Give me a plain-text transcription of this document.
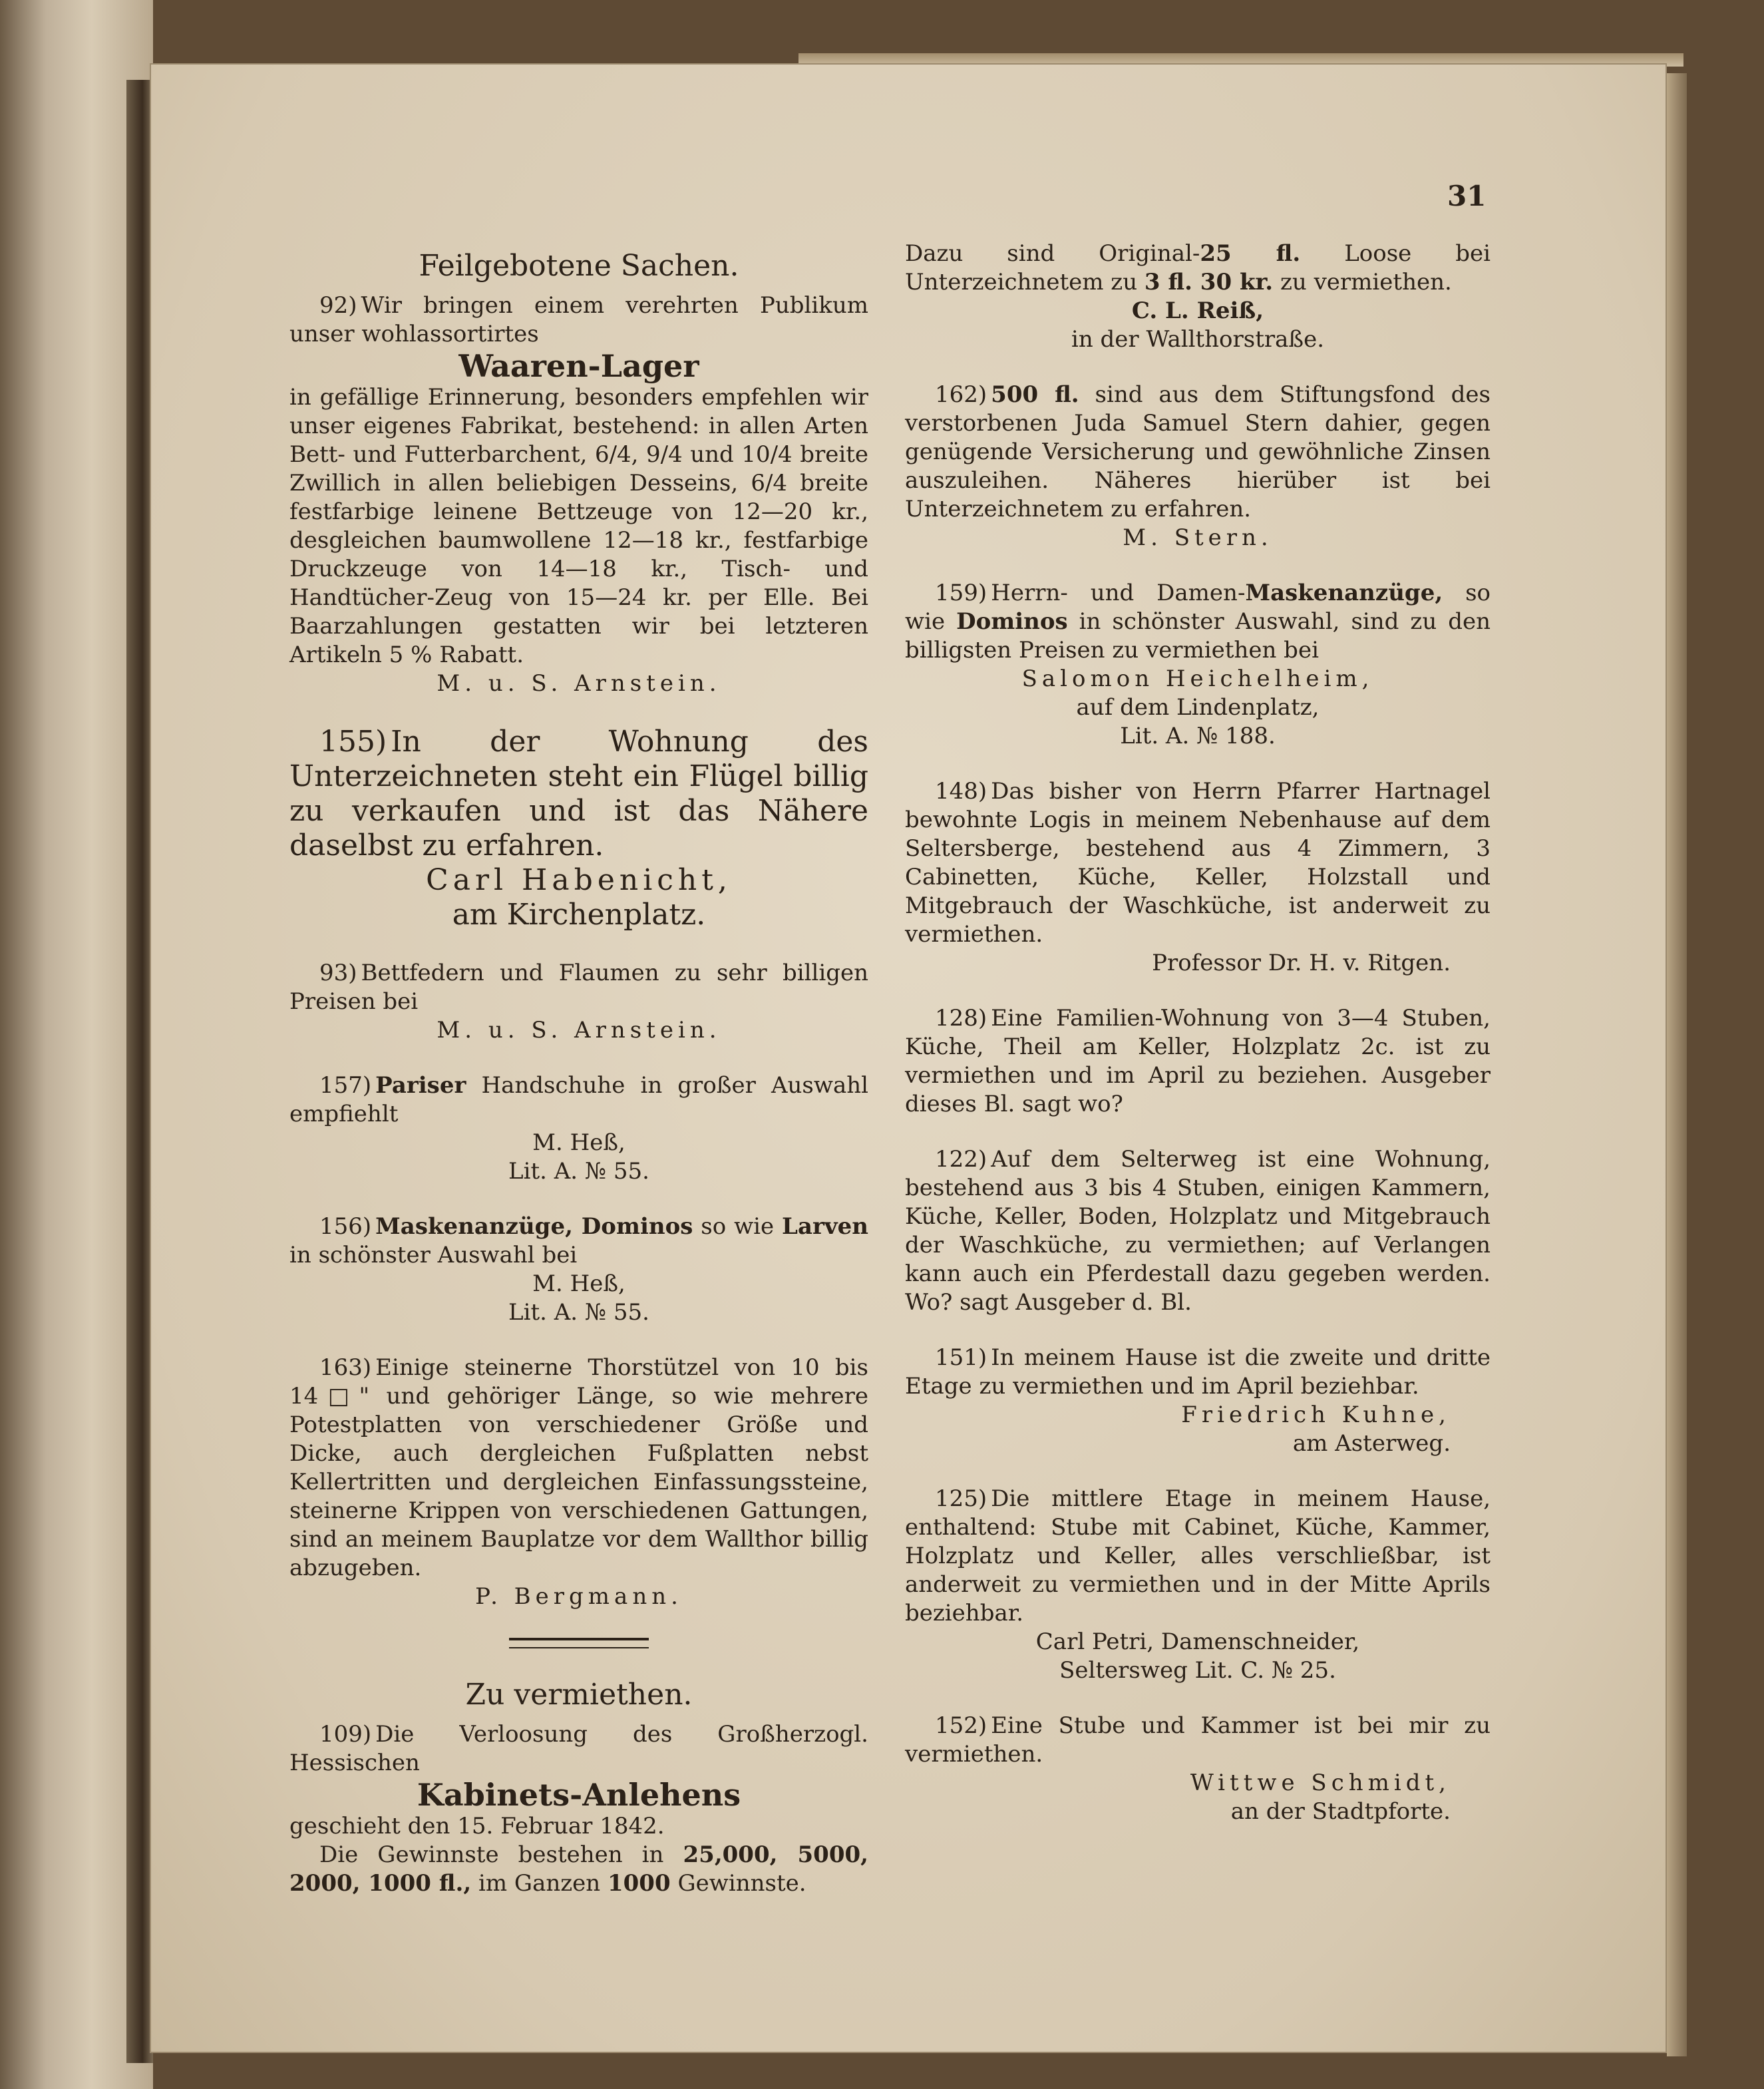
31
Feilgebotene Sachen.

92) Wir bringen einem verehrten Publikum unser wohlassortirtes

Waaren-Lager

in gefällige Erinnerung, besonders empfehlen wir unser eigenes Fabrikat, bestehend: in allen Arten Bett- und Futterbarchent, 6/4, 9/4 und 10/4 breite Zwillich in allen beliebigen Desseins, 6/4 breite festfarbige leinene Bettzeuge von 12—20 kr., desgleichen baumwollene 12—18 kr., festfarbige Druckzeuge von 14—18 kr., Tisch- und Handtücher-Zeug von 15—24 kr. per Elle. Bei Baarzahlungen gestatten wir bei letzteren Artikeln 5 % Rabatt.

M. u. S. Arnstein.

155) In der Wohnung des Unterzeichneten steht ein Flügel billig zu verkaufen und ist das Nähere daselbst zu erfahren.

Carl Habenicht,

am Kirchenplatz.

93) Bettfedern und Flaumen zu sehr billigen Preisen bei

M. u. S. Arnstein.

157) Pariser Handschuhe in großer Auswahl empfiehlt

M. Heß,

Lit. A. № 55.

156) Maskenanzüge, Dominos so wie Larven in schönster Auswahl bei

M. Heß,

Lit. A. № 55.

163) Einige steinerne Thorstützel von 10 bis 14□" und gehöriger Länge, so wie mehrere Potestplatten von verschiedener Größe und Dicke, auch dergleichen Fußplatten nebst Kellertritten und dergleichen Einfassungssteine, steinerne Krippen von verschiedenen Gattungen, sind an meinem Bauplatze vor dem Wallthor billig abzugeben.

P. Bergmann.

Zu vermiethen.

109) Die Verloosung des Großherzogl. Hessischen

Kabinets-Anlehens

geschieht den 15. Februar 1842.

Die Gewinnste bestehen in 25,000, 5000, 2000, 1000 fl., im Ganzen 1000 Gewinnste.

Dazu sind Original-25 fl. Loose bei Unterzeichnetem zu 3 fl. 30 kr. zu vermiethen.

C. L. Reiß,

in der Wallthorstraße.

162) 500 fl. sind aus dem Stiftungsfond des verstorbenen Juda Samuel Stern dahier, gegen genügende Versicherung und gewöhnliche Zinsen auszuleihen. Näheres hierüber ist bei Unterzeichnetem zu erfahren.

M. Stern.

159) Herrn- und Damen-Maskenanzüge, so wie Dominos in schönster Auswahl, sind zu den billigsten Preisen zu vermiethen bei

Salomon Heichelheim,

auf dem Lindenplatz,

Lit. A. № 188.

148) Das bisher von Herrn Pfarrer Hartnagel bewohnte Logis in meinem Nebenhause auf dem Seltersberge, bestehend aus 4 Zimmern, 3 Cabinetten, Küche, Keller, Holzstall und Mitgebrauch der Waschküche, ist anderweit zu vermiethen.

Professor Dr. H. v. Ritgen.

128) Eine Familien-Wohnung von 3—4 Stuben, Küche, Theil am Keller, Holzplatz 2c. ist zu vermiethen und im April zu beziehen. Ausgeber dieses Bl. sagt wo?

122) Auf dem Selterweg ist eine Wohnung, bestehend aus 3 bis 4 Stuben, einigen Kammern, Küche, Keller, Boden, Holzplatz und Mitgebrauch der Waschküche, zu vermiethen; auf Verlangen kann auch ein Pferdestall dazu gegeben werden. Wo? sagt Ausgeber d. Bl.

151) In meinem Hause ist die zweite und dritte Etage zu vermiethen und im April beziehbar.

Friedrich Kuhne,

am Asterweg.

125) Die mittlere Etage in meinem Hause, enthaltend: Stube mit Cabinet, Küche, Kammer, Holzplatz und Keller, alles verschließbar, ist anderweit zu vermiethen und in der Mitte Aprils beziehbar.

Carl Petri, Damenschneider,

Seltersweg Lit. C. № 25.

152) Eine Stube und Kammer ist bei mir zu vermiethen.

Wittwe Schmidt,

an der Stadtpforte.
